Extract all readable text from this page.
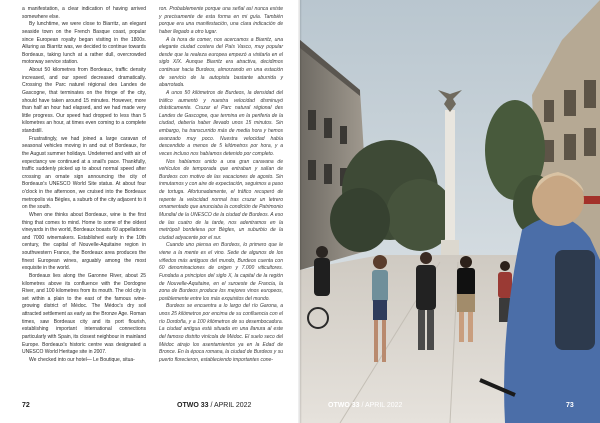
a manifestation, a clear indication of having arrived somewhere else.

By lunchtime, we were close to Biarritz, an elegant seaside town on the French Basque coast, popular since European royalty began visiting in the 1800s. Alluring as Biarritz was, we decided to continue towards Bordeaux, taking lunch at a rather dull, overcrowded motorway service station.

About 50 kilometres from Bordeaux, traffic density increased, and our speed decreased dramatically. Crossing the Parc naturel régional des Landes de Gascogne, that terminates on the fringe of the city, should have taken around 15 minutes. However, more than half an hour had elapsed, and we had made very little progress. Our speed had dropped to less than 5 kilometres an hour, at times even coming to a complete standstill.

Frustratingly, we had joined a large caravan of seasonal vehicles moving in and out of Bordeaux, for the August summer holidays. Undeterred and with air of expectancy we continued at a snail's pace. Thankfully, traffic suddenly picked up to about normal speed after crossing an ornate sign announcing the city of Bordeaux's UNESCO World Site status. At about four o'clock in the afternoon, we cruised into the Bordeaux metropolis via Bègles, a suburb of the city adjacent to it on the south.

When one thinks about Bordeaux, wine is the first thing that comes to mind. Home to some of the oldest vineyards in the world, Bordeaux boasts 60 appellations and 7000 winemakers. Established early in the 10th century, the capital of Nouvelle-Aquitaine region in southwestern France, the Bordeaux area produces the finest European wines, arguably among the most exquisite in the world.

Bordeaux lies along the Garonne River, about 25 kilometres above its confluence with the Dordogne River, and 100 kilometres from its mouth. The old city is set within a plain to the east of the famous wine-growing district of Médoc. The Médoc's dry soil attracted settlement as early as the Bronze Age. Roman times, saw Bordeaux city and its port flourish, establishing important international connections particularly with Spain, its closest neighbour in mainland Europe. Bordeaux's historic centre was designated a UNESCO World Heritage site in 2007.

We checked into our hotel— Le Boutique, situa-

ron. Probablemente porque una señal así nunca existe y precisamente de esta forma en mi guía. También porque era una manifestación, una clara indicación de haber llegado a otro lugar.

A la hora de comer, nos acercamos a Biarritz, una elegante ciudad costera del País Vasco, muy popular desde que la realeza europea empezó a visitarla en el siglo XIX. Aunque Biarritz era atractiva, decidimos continuar hacia Burdeos, almorzando en una estación de servicio de la autopista bastante aburrida y abarrotada.

A unos 50 kilómetros de Burdeos, la densidad del tráfico aumentó y nuestra velocidad disminuyó drásticamente. Cruzar el Parc natural régional des Landes de Gascogne, que termina en la periferia de la ciudad, debería haber llevado unos 15 minutos. Sin embargo, ha transcurrido más de media hora y hemos avanzado muy poco. Nuestra velocidad había descendido a menos de 5 kilómetros por hora, y a veces incluso nos habíamos detenido por completo.

Nos habíamos unido a una gran caravana de vehículos de temporada que entraban y salían de Burdeos con motivo de las vacaciones de agosto. Sin inmutarnos y con aire de expectación, seguimos a paso de tortuga. Afortunadamente, el tráfico recuperó de repente la velocidad normal tras cruzar un letrero ornamentado que anunciaba la condición de Patrimonio Mundial de la UNESCO de la ciudad de Burdeos. A eso de las cuatro de la tarde, nos adentramos en la metrópoli bordelesa por Bègles, un suburbio de la ciudad adyacente por el sur.

Cuando uno piensa en Burdeos, lo primero que le viene a la mente es el vino. Sede de algunos de los viñedos más antiguos del mundo, Burdeos cuenta con 60 denominaciones de origen y 7.000 viticultores. Fundada a principios del siglo X, la capital de la región de Nouvelle-Aquitaine, en el suroeste de Francia, la zona de Burdeos produce los mejores vinos europeos, posiblemente entre los más exquisitos del mundo.

Burdeos se encuentra a lo largo del río Garona, a unos 25 kilómetros por encima de su confluencia con el río Dordoña, y a 100 kilómetros de su desembocadura. La ciudad antigua está situada en una llanura al este del famoso distrito vinícola de Médoc. El suelo seco del Médoc atrajo los asentamientos ya en la Edad de Bronce. En la época romana, la ciudad de Burdeos y su puerto florecieron, estableciendo importantes cone-

72	OTWO 33 / APRIL 2022	OTWO 33 / APRIL 2022	73
